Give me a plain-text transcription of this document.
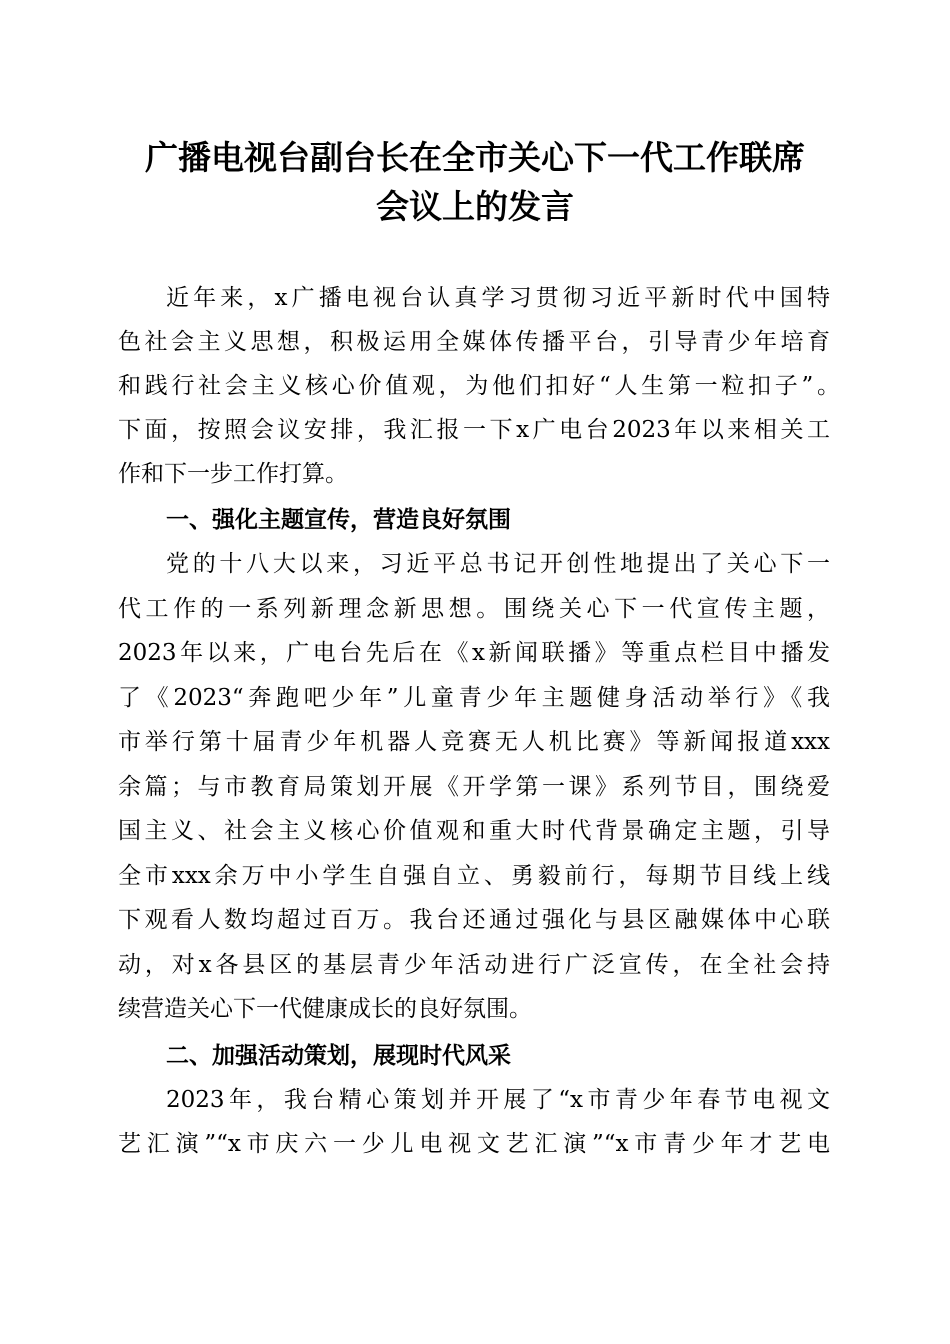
广播电视台副台长在全市关心下一代工作联席
会议上的发言
近年来，x广播电视台认真学习贯彻习近平新时代中国特
色社会主义思想，积极运用全媒体传播平台，引导青少年培育
和践行社会主义核心价值观，为他们扣好“人生第一粒扣子”。
下面，按照会议安排，我汇报一下x广电台2023年以来相关工
作和下一步工作打算。
一、强化主题宣传，营造良好氛围
党的十八大以来，习近平总书记开创性地提出了关心下一
代工作的一系列新理念新思想。围绕关心下一代宣传主题，
2023年以来，广电台先后在《x新闻联播》等重点栏目中播发
了《2023“奔跑吧少年”儿童青少年主题健身活动举行》《我
市举行第十届青少年机器人竞赛无人机比赛》等新闻报道xxx
余篇；与市教育局策划开展《开学第一课》系列节目，围绕爱
国主义、社会主义核心价值观和重大时代背景确定主题，引导
全市xxx余万中小学生自强自立、勇毅前行，每期节目线上线
下观看人数均超过百万。我台还通过强化与县区融媒体中心联
动，对x各县区的基层青少年活动进行广泛宣传，在全社会持
续营造关心下一代健康成长的良好氛围。
二、加强活动策划，展现时代风采
2023年，我台精心策划并开展了“x市青少年春节电视文
艺汇演”“x市庆六一少儿电视文艺汇演”“x市青少年才艺电
